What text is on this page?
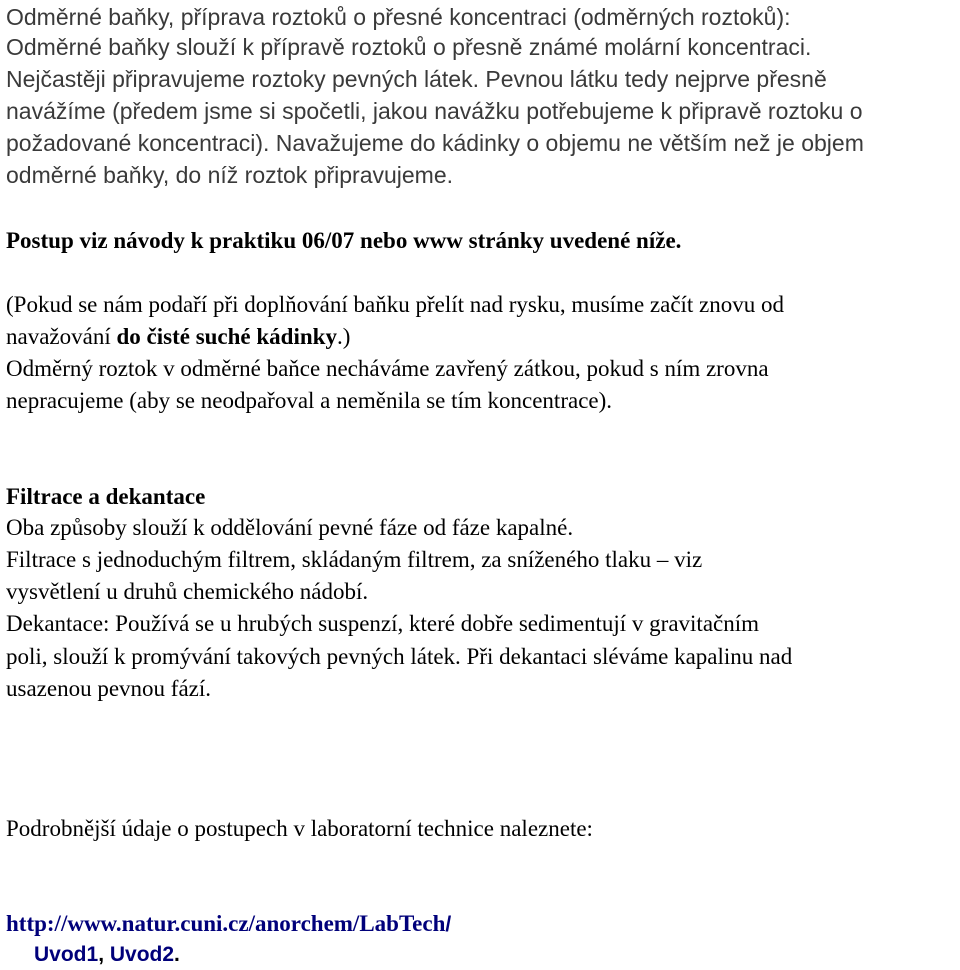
Odměrné baňky, příprava roztoků o přesné koncentraci (odměrných roztoků):
Odměrné baňky slouží k přípravě roztoků o přesně známé molární koncentraci.
Nejčastěji připravujeme roztoky pevných látek. Pevnou látku tedy nejprve přesně
navážíme (předem jsme si spočetli, jakou navážku potřebujeme k připravě roztoku o
požadované koncentraci). Navažujeme do kádinky o objemu ne větším než je objem
odměrné baňky, do níž roztok připravujeme.
Postup viz návody k praktiku 06/07 nebo www stránky uvedené níže.
(Pokud se nám podaří při doplňování baňku přelít nad rysku, musíme začít znovu od
navažování do čisté suché kádinky.)
Odměrný roztok v odměrné baňce necháváme zavřený zátkou, pokud s ním zrovna
nepracujeme (aby se neodpařoval a neměnila se tím koncentrace).
Filtrace a dekantace
Oba způsoby slouží k oddělování pevné fáze od fáze kapalné.
Filtrace s jednoduchým filtrem, skládaným filtrem, za sníženého tlaku – viz
vysvětlení u druhů chemického nádobí.
Dekantace: Používá se u hrubých suspenzí, které dobře sedimentují v gravitačním
poli, slouží k promývání takových pevných látek. Při dekantaci sléváme kapalinu nad
usazenou pevnou fází.
Podrobnější údaje o postupech v laboratorní technice naleznete:
http://www.natur.cuni.cz/anorchem/LabTech/
Uvod1, Uvod2.
